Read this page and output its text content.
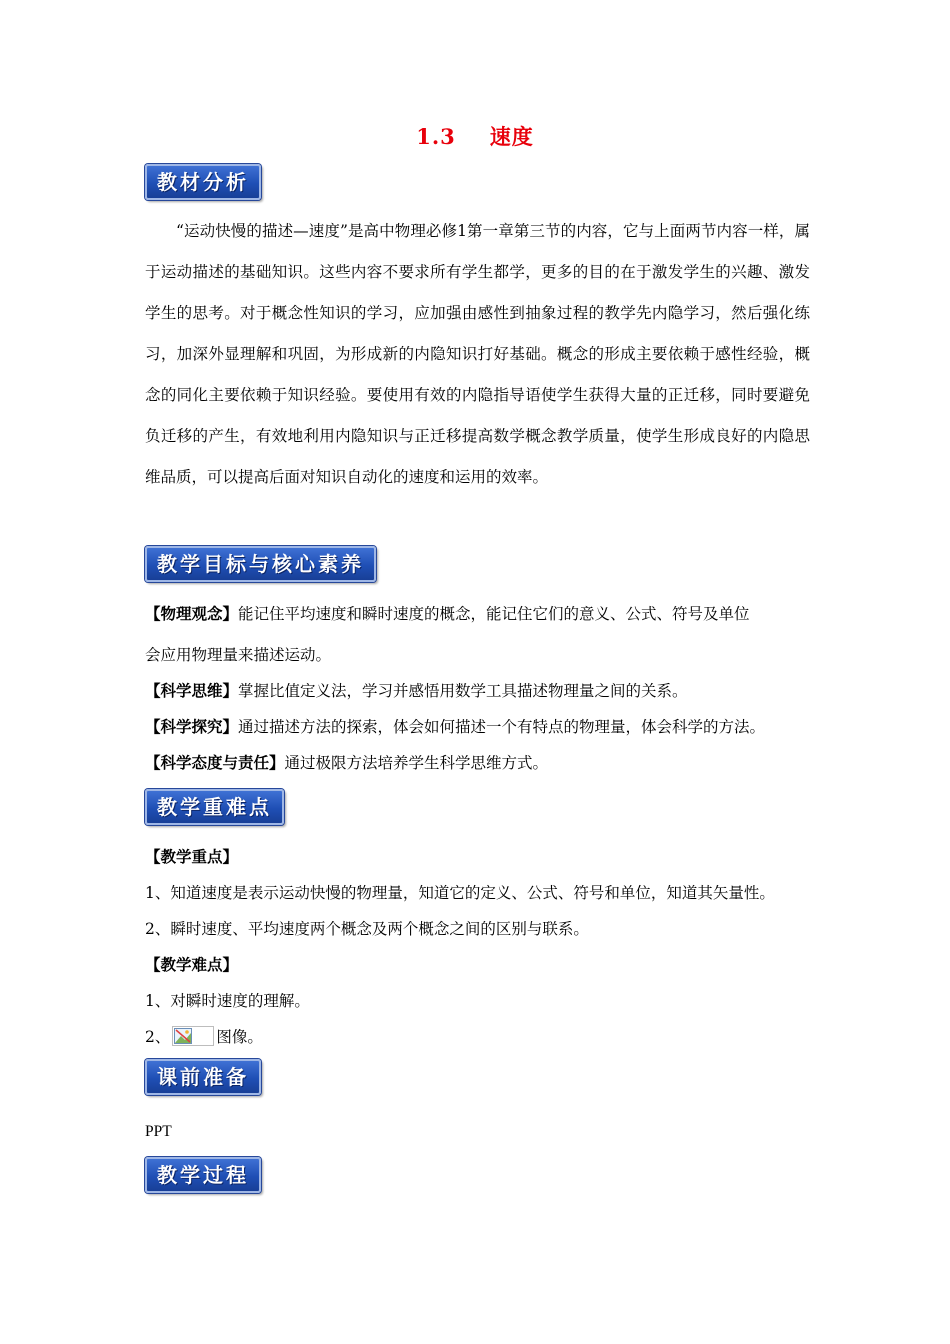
1.3 速度
教材分析

“运动快慢的描述—速度”是高中物理必修1第一章第三节的内容，它与上面两节内容一样，属于运动描述的基础知识。这些内容不要求所有学生都学，更多的目的在于激发学生的兴趣、激发学生的思考。对于概念性知识的学习，应加强由感性到抽象过程的教学先内隐学习，然后强化练习，加深外显理解和巩固，为形成新的内隐知识打好基础。概念的形成主要依赖于感性经验，概念的同化主要依赖于知识经验。要使用有效的内隐指导语使学生获得大量的正迁移，同时要避免负迁移的产生，有效地利用内隐知识与正迁移提高数学概念教学质量，使学生形成良好的内隐思维品质，可以提高后面对知识自动化的速度和运用的效率。

教学目标与核心素养
【物理观念】能记住平均速度和瞬时速度的概念，能记住它们的意义、公式、符号及单位
会应用物理量来描述运动。
【科学思维】掌握比值定义法，学习并感悟用数学工具描述物理量之间的关系。
【科学探究】通过描述方法的探索，体会如何描述一个有特点的物理量，体会科学的方法。
【科学态度与责任】通过极限方法培养学生科学思维方式。
教学重难点
【教学重点】
1、知道速度是表示运动快慢的物理量，知道它的定义、公式、符号和单位，知道其矢量性。
2、瞬时速度、平均速度两个概念及两个概念之间的区别与联系。
【教学难点】
1、对瞬时速度的理解。
2、	图像。
课前准备
PPT
教学过程
